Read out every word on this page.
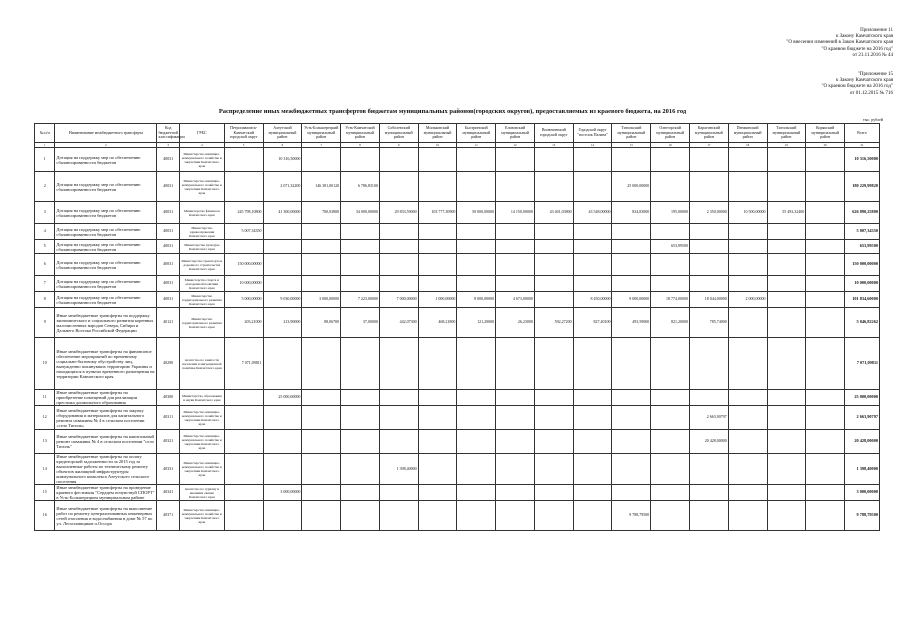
Приложение 11
к Закону Камчатского края
"О внесении изменений в Закон Камчатского края
"О краевом бюджете на 2016 год"
от 21.11.2016 № 44
"Приложение 15
к Закону Камчатского края
"О краевом бюджете на 2016 год"
от 01.12.2015 № 716
Распределение иных межбюджетных трансфертов бюджетам муниципальных районов(городских округов), предоставляемых из краевого бюджета, на 2016 год
тыс. рублей
№ п/п	Наименование межбюджетного трансферта	Код бюджетной классификации	ГРБС	Петропавловск-Камчатский городской округ	Алеутский муниципальный район	Усть-Большерецкий муниципальный район	Усть-Камчатский муниципальный район	Соболевский муниципальный район	Мильковский муниципальный район	Быстринский муниципальный район	Елизовский муниципальный район	Вилючинский городской округ	Городской округ "поселок Палана"	Тигильский муниципальный район	Олюторский муниципальный район	Карагинский муниципальный район	Пенжинский муниципальный район	Тигильский муниципальный район	Корякский муниципальный район	Всего
1	2	3	4	5	6	7	8	9	10	11	12	13	14	15	16	17	18	19	20	21
1	Дотация на поддержку мер по обеспечению сбалансированности бюджетов	40031	Министерство жилищно-коммунального хозяйства и энергетики Камчатского края		10 316,50000															10 316,50000
2	Дотация на поддержку мер по обеспечению сбалансированности бюджетов	40031	Министерство жилищно-коммунального хозяйства и энергетики Камчатского края		2 071,32200	146 381,00120	6 786,83100							25 000,00000						180 229,99820
3	Дотация на поддержку мер по обеспечению сбалансированности бюджетов	40031	Министерство финансов Камчатского края	245 798,10800	41 300,00000	700,03800	34 000,00000	29 833,59000	103 777,30900	50 000,00000	14 150,00000	43 401,03800	43 548,00000	834,83000	195,00000	2 350,00000	10 500,00000	55 493,32400		626 890,25800
4	Дотация на поддержку мер по обеспечению сбалансированности бюджетов	40031	Министерство здравоохранения Камчатского края	5 007,34350																5 007,34350
5	Дотация на поддержку мер по обеспечению сбалансированности бюджетов	40031	Министерство культуры Камчатского края												653,99500					653,99500
6	Дотация на поддержку мер по обеспечению сбалансированности бюджетов	40031	Министерство транспорта и дорожного строительства Камчатского края	150 000,00000																150 000,00000
7	Дотация на поддержку мер по обеспечению сбалансированности бюджетов	40031	Министерство спорта и молодежной политики Камчатского края	10 000,00000																10 000,00000
8	Дотация на поддержку мер по обеспечению сбалансированности бюджетов	40031	Министерство территориального развития Камчатского края	5 000,00000	9 030,00000	3 000,00000	7 223,00000	7 000,00000	1 000,00000	8 000,00000	4 673,00000		8 450,00000	9 000,00000	18 774,00000	18 044,00000	2 000,00000			101 834,60000
9	Иные межбюджетные трансферты на поддержку экономического и социального развития коренных малочисленных народов Севера, Сибири и Дальнего Востока Российской Федерации	40121	Министерство территориального развития Камчатского края	203,21000	213,90000	88,06700	37,00000	442,07300	468,21800	121,20000	26,23000	592,27200	827,40100	493,59000	821,20000	785,74000				5 046,82262
10	Иные межбюджетные трансферты на финансовое обеспечение мероприятий по временному социально-бытовому обустройству лиц, вынужденно покинувших территорию Украины и находящихся в пунктах временного размещения на территории Камчатского края	40290	Агентство по занятости населения и миграционной политике Камчатского края	7 071,09811																7 071,09811
11	Иные межбюджетные трансферты на приобретение помещений для реализации престижа дошкольного образования	40300	Министерство образования и науки Камчатского края		25 000,00000															25 000,00000
12	Иные межбюджетные трансферты на закупку оборудования и материалов для капитального ремонта скважины № 4 в сельском поселении «село Тигиль»	40311	Министерство жилищно-коммунального хозяйства и энергетики Камчатского края													2 663,90797				2 663,90797
13	Иные межбюджетные трансферты на капитальный ремонт скважины № 4 в сельском поселении "село Тигиль"	40321	Министерство жилищно-коммунального хозяйства и энергетики Камчатского края													20 428,00000				20 428,00000
14	Иные межбюджетные трансферты на оплату кредиторской задолженности за 2015 год за выполненные работы по техническому ремонту объектов жилищной инфраструктуры коммунального комплекса Алеутского сельского поселения	40331	Министерство жилищно-коммунального хозяйства и энергетики Камчатского края					1 398,40000												1 398,40000
15	Иные межбюджетные трансферты на проведение краевого фестиваля "Сердцем почувствуй СПОРТ" в Усть-Большерецком муниципальном районе	40341	Агентство по туризму и внешним связям Камчатского края		3 000,00000															3 000,00000
16	Иные межбюджетные трансферты на выполнение работ по ремонту централизованных инженерных сетей отопления и водоснабжения в доме № 57 по ул. Лесоплавщиков п.Оссора	40371	Министерство жилищно-коммунального хозяйства и энергетики Камчатского края											9 788,79500						9 788,79500
